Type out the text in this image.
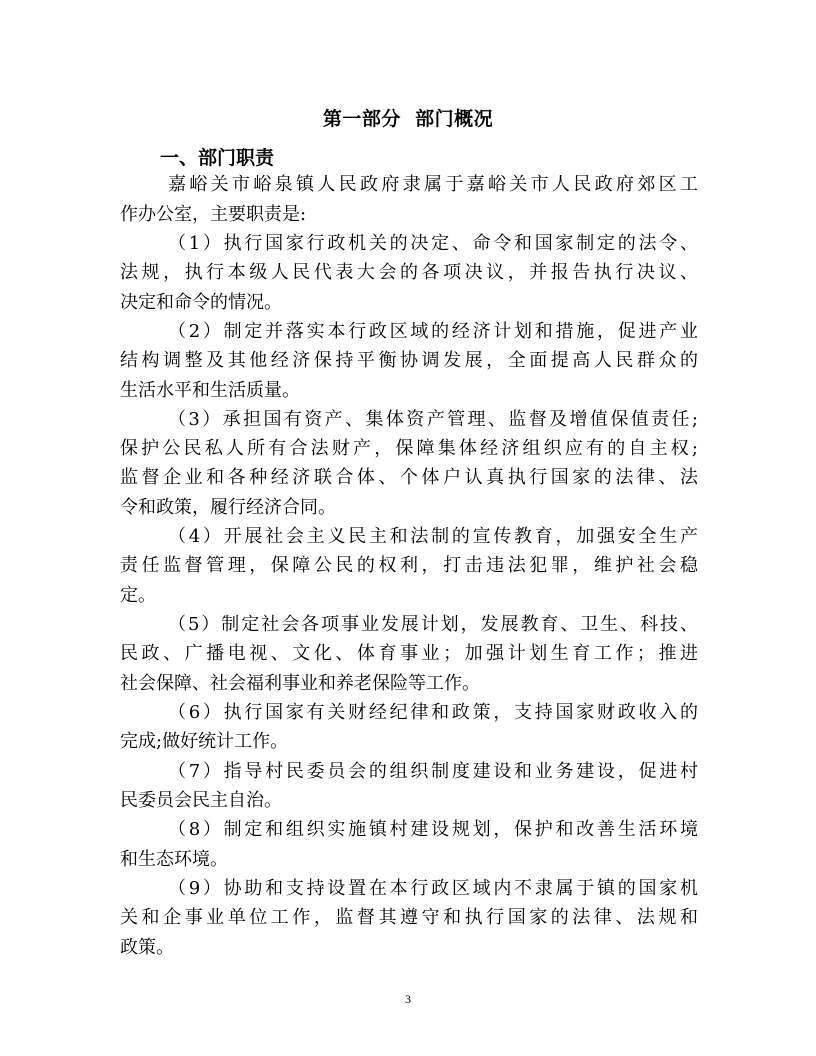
第一部分  部门概况
一、部门职责
嘉峪关市峪泉镇人民政府隶属于嘉峪关市人民政府郊区工
作办公室，主要职责是:
（1）执行国家行政机关的决定、命令和国家制定的法令、
法规，执行本级人民代表大会的各项决议，并报告执行决议、
决定和命令的情况。
（2）制定并落实本行政区域的经济计划和措施，促进产业
结构调整及其他经济保持平衡协调发展，全面提高人民群众的
生活水平和生活质量。
（3）承担国有资产、集体资产管理、监督及增值保值责任;
保护公民私人所有合法财产，保障集体经济组织应有的自主权;
监督企业和各种经济联合体、个体户认真执行国家的法律、法
令和政策，履行经济合同。
（4）开展社会主义民主和法制的宣传教育，加强安全生产
责任监督管理，保障公民的权利，打击违法犯罪，维护社会稳
定。
（5）制定社会各项事业发展计划，发展教育、卫生、科技、
民政、广播电视、文化、体育事业；加强计划生育工作；推进
社会保障、社会福利事业和养老保险等工作。
（6）执行国家有关财经纪律和政策，支持国家财政收入的
完成;做好统计工作。
（7）指导村民委员会的组织制度建设和业务建设，促进村
民委员会民主自治。
（8）制定和组织实施镇村建设规划，保护和改善生活环境
和生态环境。
（9）协助和支持设置在本行政区域内不隶属于镇的国家机
关和企事业单位工作，监督其遵守和执行国家的法律、法规和
政策。
3
